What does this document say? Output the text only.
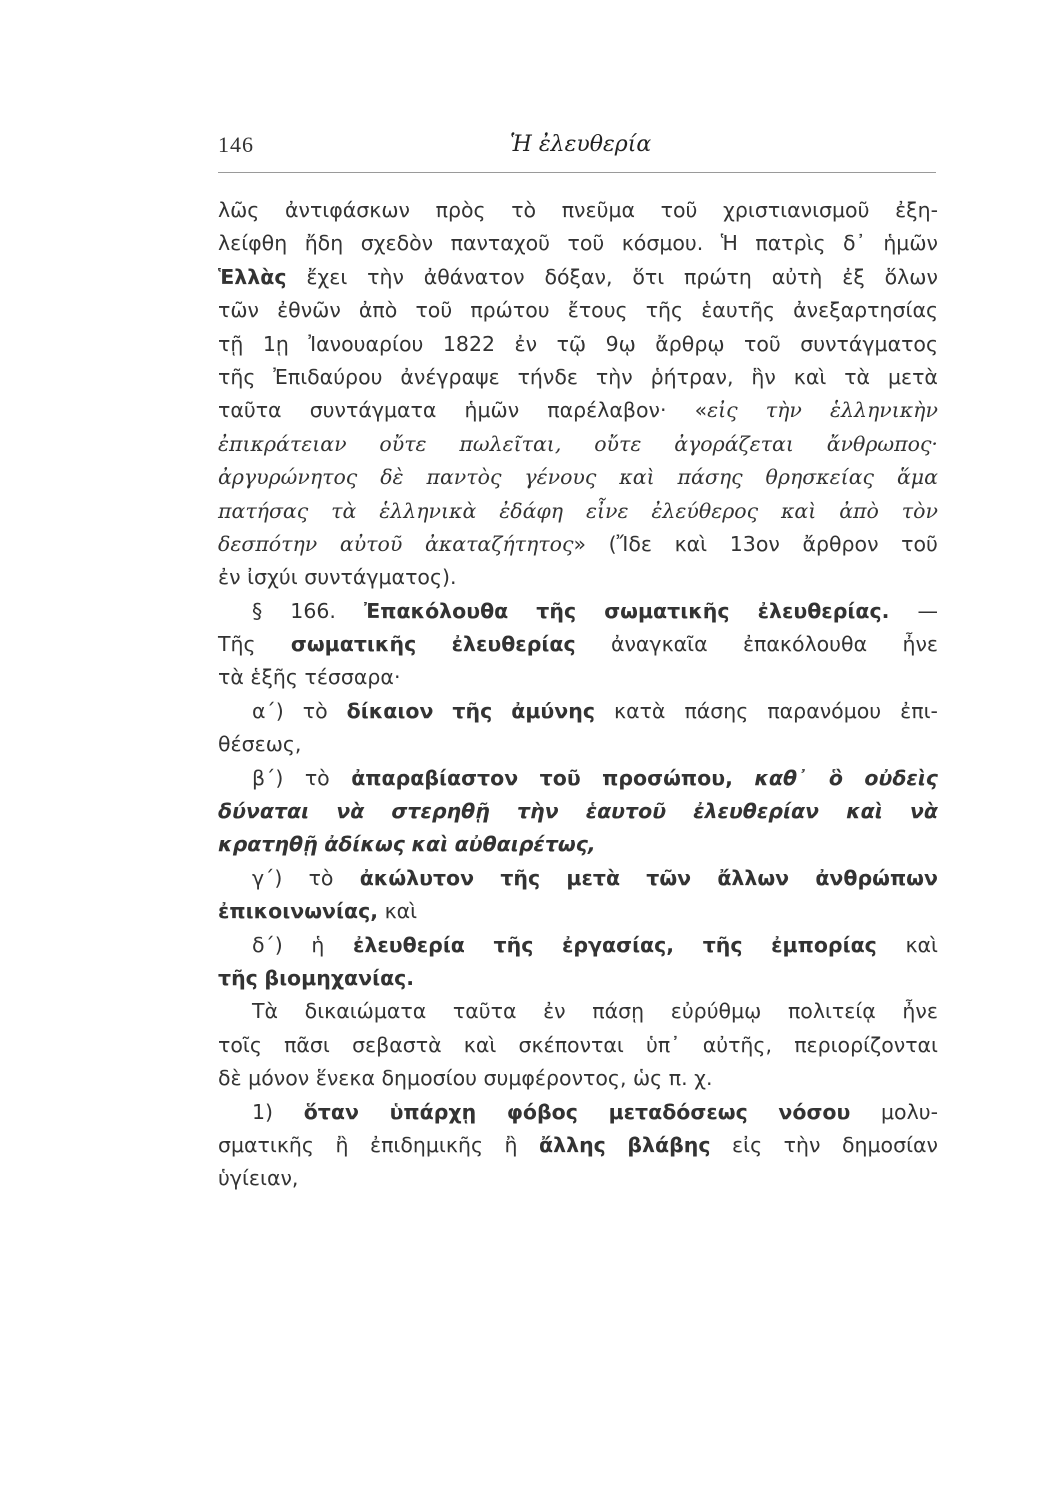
146	Ἡ ἐλευθερία
λῶς ἀντιφάσκων πρὸς τὸ πνεῦμα τοῦ χριστιανισμοῦ ἐξη-
λείφθη ἤδη σχεδὸν πανταχοῦ τοῦ κόσμου. Ἡ πατρὶς δ᾽ ἡμῶν
Ἑλλὰς ἔχει τὴν ἀθάνατον δόξαν, ὅτι πρώτη αὐτὴ ἐξ ὅλων
τῶν ἐθνῶν ἀπὸ τοῦ πρώτου ἔτους τῆς ἑαυτῆς ἀνεξαρτησίας
τῇ 1ῃ Ἰανουαρίου 1822 ἐν τῷ 9ῳ ἄρθρῳ τοῦ συντάγματος
τῆς Ἐπιδαύρου ἀνέγραψε τήνδε τὴν ῥήτραν, ἣν καὶ τὰ μετὰ
ταῦτα συντάγματα ἡμῶν παρέλαβον· «εἰς τὴν ἑλληνικὴν
ἐπικράτειαν οὔτε πωλεῖται, οὔτε ἀγοράζεται ἄνθρωπος·
ἀργυρώνητος δὲ παντὸς γένους καὶ πάσης θρησκείας ἅμα
πατήσας τὰ ἑλληνικὰ ἐδάφη εἶνε ἐλεύθερος καὶ ἀπὸ τὸν
δεσπότην αὐτοῦ ἀκαταζήτητος» (Ἴδε καὶ 13ον ἄρθρον τοῦ
ἐν ἰσχύι συντάγματος).
§ 166. Ἐπακόλουθα τῆς σωματικῆς ἐλευθερίας. —
Τῆς σωματικῆς ἐλευθερίας ἀναγκαῖα ἐπακόλουθα ἦνε
τὰ ἑξῆς τέσσαρα·
α΄) τὸ δίκαιον τῆς ἀμύνης κατὰ πάσης παρανόμου ἐπι-
θέσεως,
β΄) τὸ ἀπαραβίαστον τοῦ προσώπου, καθ᾽ ὃ οὐδεὶς
δύναται νὰ στερηθῇ τὴν ἑαυτοῦ ἐλευθερίαν καὶ νὰ
κρατηθῇ ἀδίκως καὶ αὐθαιρέτως,
γ΄) τὸ ἀκώλυτον τῆς μετὰ τῶν ἄλλων ἀνθρώπων
ἐπικοινωνίας, καὶ
δ΄) ἡ ἐλευθερία τῆς ἐργασίας, τῆς ἐμπορίας καὶ
τῆς βιομηχανίας.
Τὰ δικαιώματα ταῦτα ἐν πάσῃ εὐρύθμῳ πολιτείᾳ ἦνε
τοῖς πᾶσι σεβαστὰ καὶ σκέπονται ὑπ᾽ αὐτῆς, περιορίζονται
δὲ μόνον ἕνεκα δημοσίου συμφέροντος, ὡς π. χ.
1) ὅταν ὑπάρχῃ φόβος μεταδόσεως νόσου μολυ-
σματικῆς ἢ ἐπιδημικῆς ἢ ἄλλης βλάβης εἰς τὴν δημοσίαν
ὑγίειαν,
